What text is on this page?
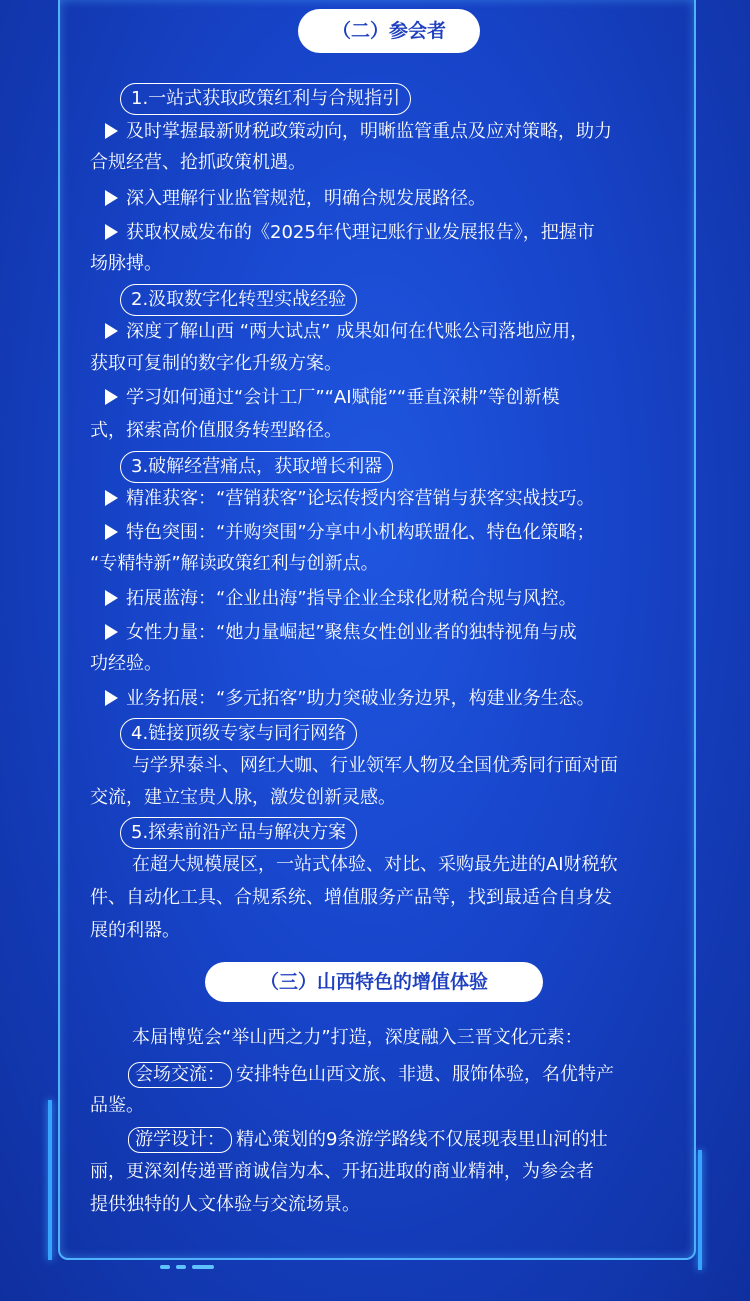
（二）参会者
1.一站式获取政策红利与合规指引
及时掌握最新财税政策动向，明晰监管重点及应对策略，助力
合规经营、抢抓政策机遇。
深入理解行业监管规范，明确合规发展路径。
获取权威发布的《2025年代理记账行业发展报告》，把握市
场脉搏。
2.汲取数字化转型实战经验
深度了解山西 “两大试点” 成果如何在代账公司落地应用，
获取可复制的数字化升级方案。
学习如何通过“会计工厂”“AI赋能”“垂直深耕”等创新模
式，探索高价值服务转型路径。
3.破解经营痛点，获取增长利器
精准获客：“营销获客”论坛传授内容营销与获客实战技巧。
特色突围：“并购突围”分享中小机构联盟化、特色化策略；
“专精特新”解读政策红利与创新点。
拓展蓝海：“企业出海”指导企业全球化财税合规与风控。
女性力量：“她力量崛起”聚焦女性创业者的独特视角与成
功经验。
业务拓展：“多元拓客”助力突破业务边界，构建业务生态。
4.链接顶级专家与同行网络
与学界泰斗、网红大咖、行业领军人物及全国优秀同行面对面
交流，建立宝贵人脉，激发创新灵感。
5.探索前沿产品与解决方案
在超大规模展区，一站式体验、对比、采购最先进的AI财税软
件、自动化工具、合规系统、增值服务产品等，找到最适合自身发
展的利器。
（三）山西特色的增值体验
本届博览会“举山西之力”打造，深度融入三晋文化元素：
会场交流： 安排特色山西文旅、非遗、服饰体验，名优特产
品鉴。
游学设计： 精心策划的9条游学路线不仅展现表里山河的壮
丽，更深刻传递晋商诚信为本、开拓进取的商业精神，为参会者
提供独特的人文体验与交流场景。
